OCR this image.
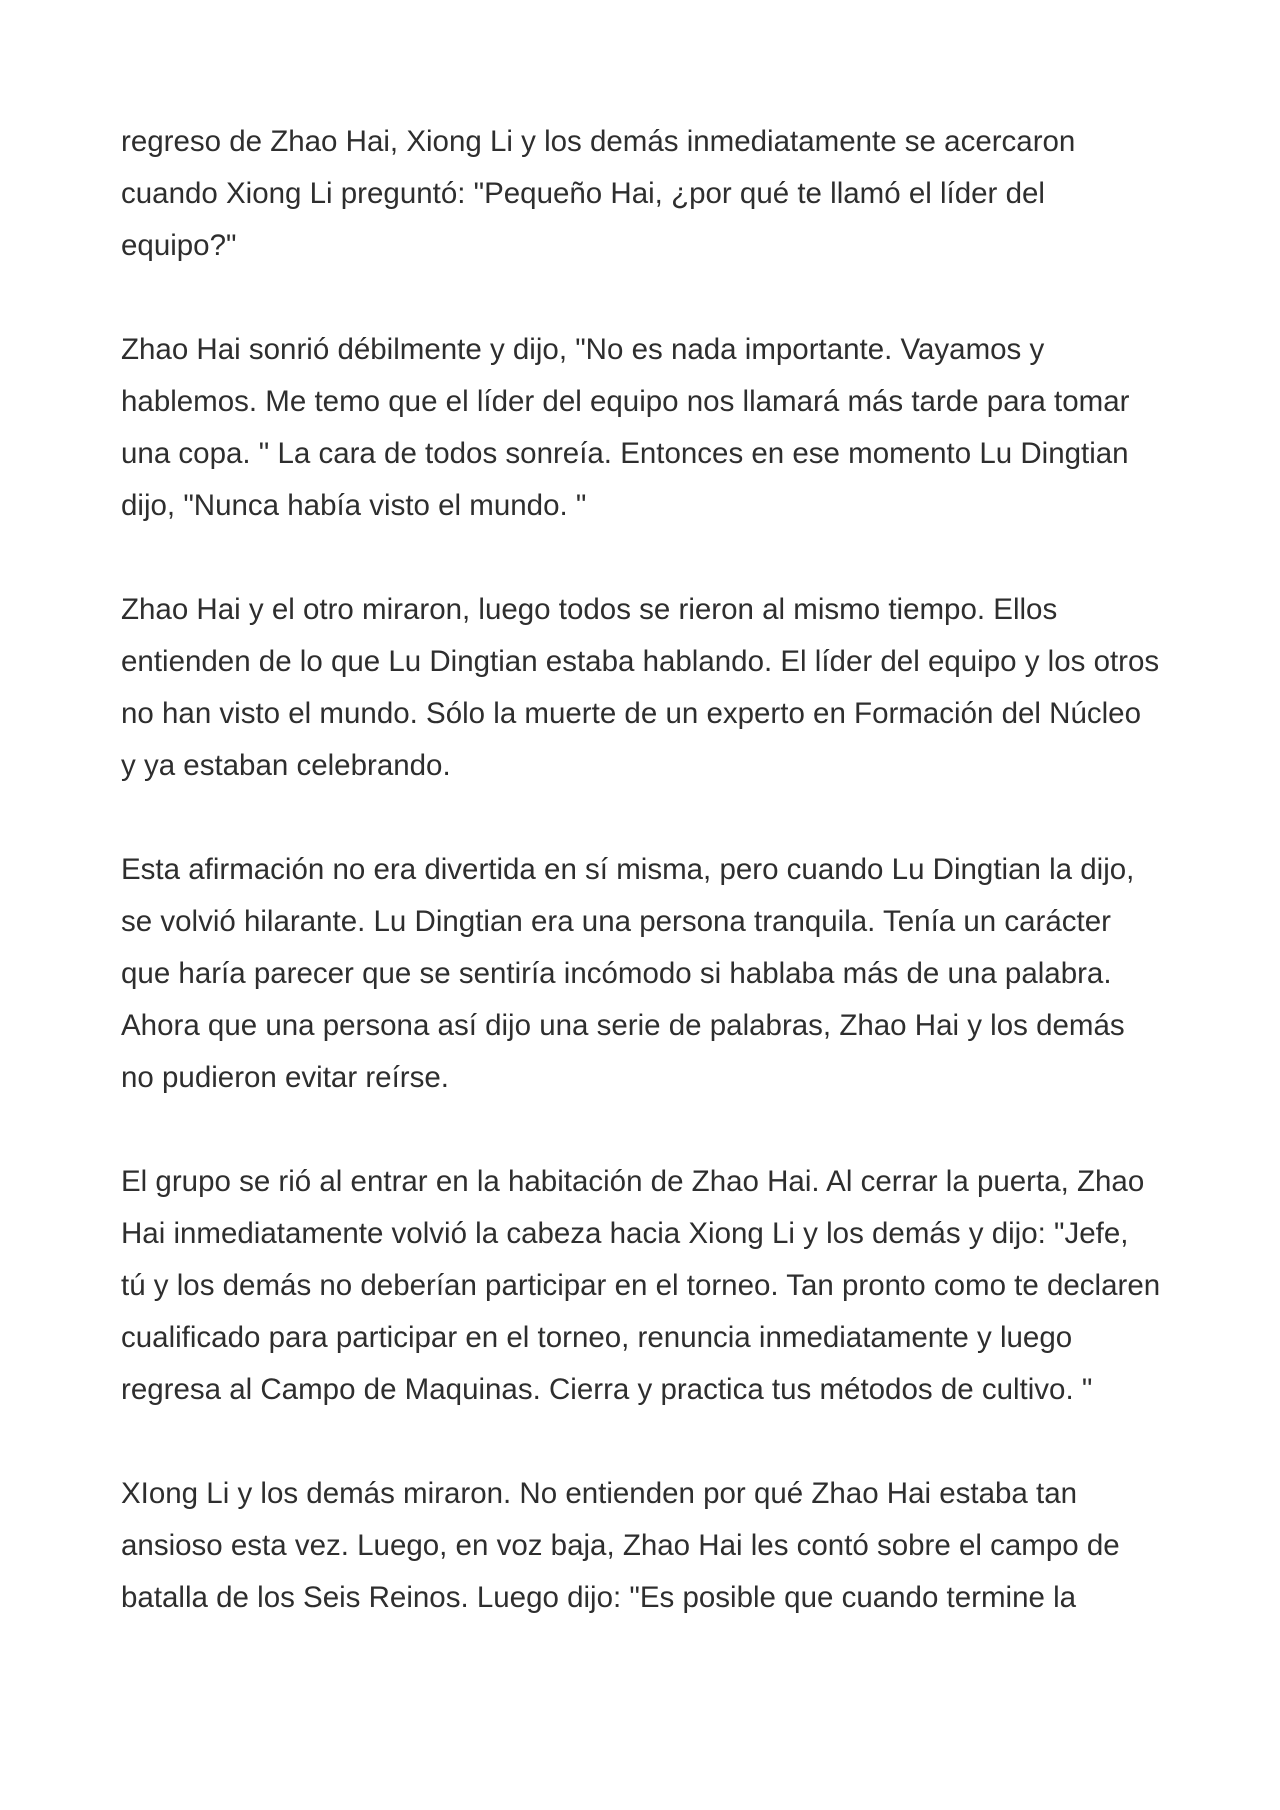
regreso de Zhao Hai, Xiong Li y los demás inmediatamente se acercaron cuando Xiong Li preguntó: "Pequeño Hai, ¿por qué te llamó el líder del equipo?"

Zhao Hai sonrió débilmente y dijo, "No es nada importante. Vayamos y hablemos. Me temo que el líder del equipo nos llamará más tarde para tomar una copa. " La cara de todos sonreía. Entonces en ese momento Lu Dingtian dijo, "Nunca había visto el mundo. "

Zhao Hai y el otro miraron, luego todos se rieron al mismo tiempo. Ellos entienden de lo que Lu Dingtian estaba hablando. El líder del equipo y los otros no han visto el mundo. Sólo la muerte de un experto en Formación del Núcleo y ya estaban celebrando.

Esta afirmación no era divertida en sí misma, pero cuando Lu Dingtian la dijo, se volvió hilarante. Lu Dingtian era una persona tranquila. Tenía un carácter que haría parecer que se sentiría incómodo si hablaba más de una palabra. Ahora que una persona así dijo una serie de palabras, Zhao Hai y los demás no pudieron evitar reírse.

El grupo se rió al entrar en la habitación de Zhao Hai. Al cerrar la puerta, Zhao Hai inmediatamente volvió la cabeza hacia Xiong Li y los demás y dijo: "Jefe, tú y los demás no deberían participar en el torneo. Tan pronto como te declaren cualificado para participar en el torneo, renuncia inmediatamente y luego regresa al Campo de Maquinas. Cierra y practica tus métodos de cultivo. "

XIong Li y los demás miraron. No entienden por qué Zhao Hai estaba tan ansioso esta vez. Luego, en voz baja, Zhao Hai les contó sobre el campo de batalla de los Seis Reinos. Luego dijo: "Es posible que cuando termine la
